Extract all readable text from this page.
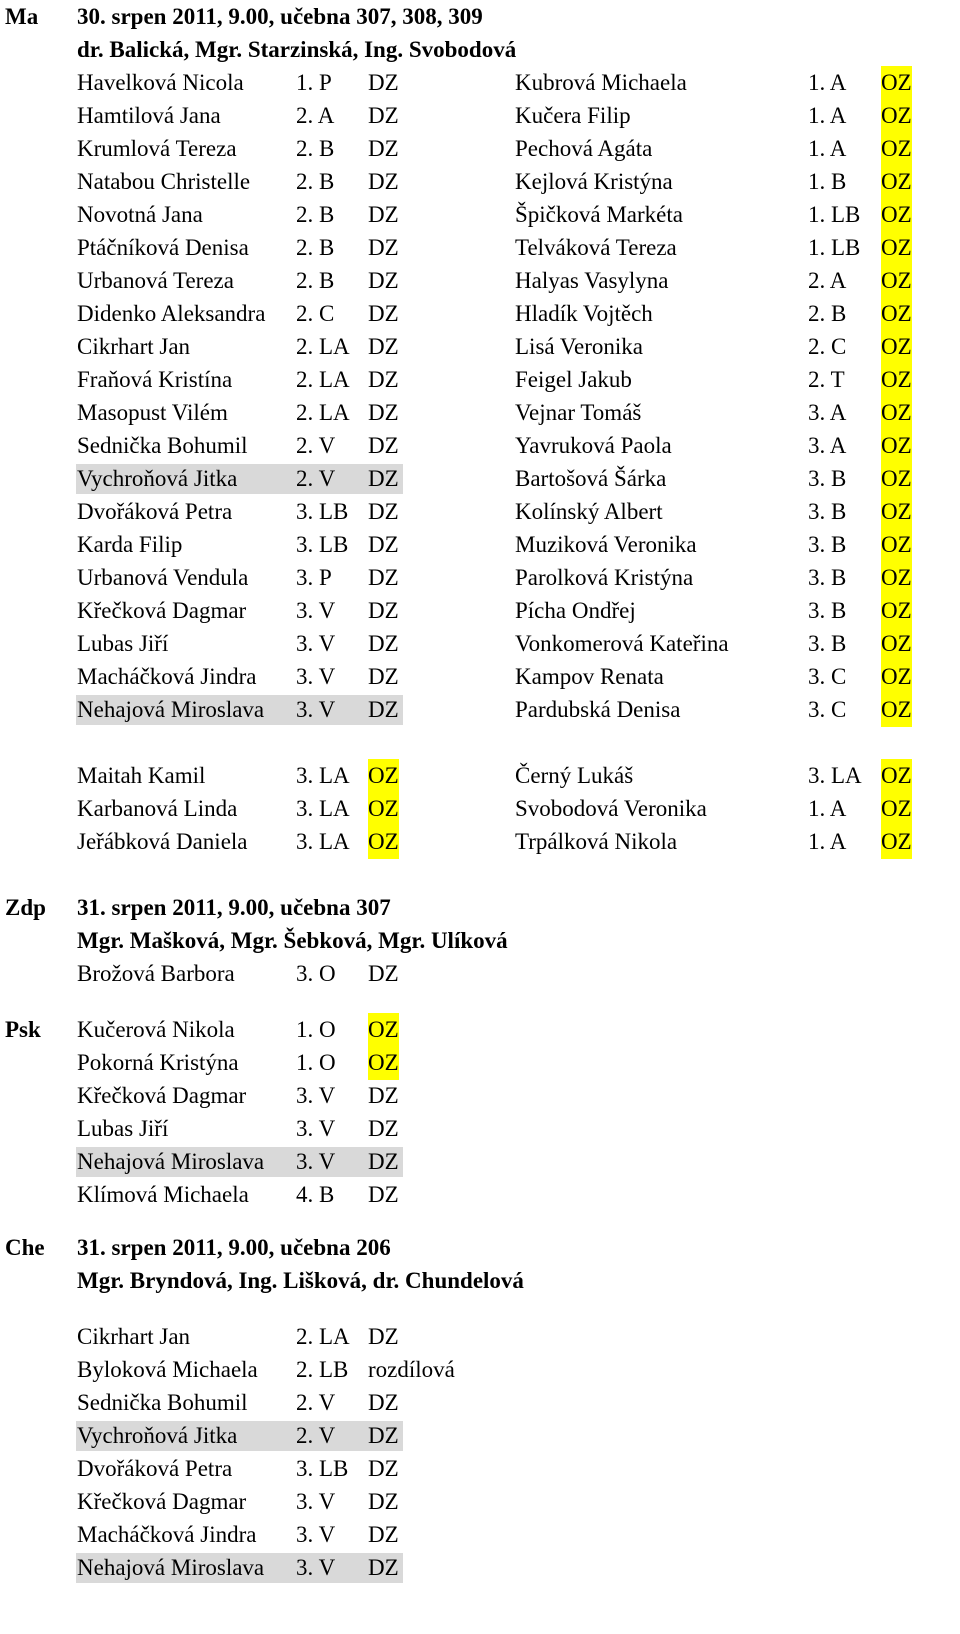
Ma 30. srpen 2011, 9.00, učebna 307, 308, 309
dr. Balická, Mgr. Starzinská, Ing. Svobodová
Havelková Nicola 1. P DZ	Kubrová Michaela	1. A OZ
Hamtilová Jana	2. A DZ	Kučera Filip	1. A OZ
Krumlová Tereza	2. B DZ	Pechová Agáta	1. A OZ
Natabou Christelle 2. B DZ	Kejlová Kristýna	1. B OZ
Novotná Jana	2. B DZ	Špičková Markéta	1. LB OZ
Ptáčníková Denisa 2. B DZ	Telváková Tereza	1. LB OZ
Urbanová Tereza	2. B DZ	Halyas Vasylyna	2. A OZ
Didenko Aleksandra 2. C DZ	Hladík Vojtěch	2. B OZ
Cikrhart Jan	2. LA DZ	Lisá Veronika	2. C OZ
Fraňová Kristína	2. LA DZ	Feigel Jakub	2. T OZ
Masopust Vilém	2. LA DZ	Vejnar Tomáš	3. A OZ
Sednička Bohumil 2. V DZ	Yavruková Paola	3. A OZ
Vychroňová Jitka	2. V DZ	Bartošová Šárka	3. B OZ
Dvořáková Petra	3. LB DZ	Kolínský Albert	3. B OZ
Karda Filip	3. LB DZ	Muziková Veronika	3. B OZ
Urbanová Vendula 3. P DZ	Parolková Kristýna	3. B OZ
Křečková Dagmar 3. V DZ	Pícha Ondřej	3. B OZ
Lubas Jiří	3. V DZ	Vonkomerová Kateřina	3. B OZ
Macháčková Jindra 3. V DZ	Kampov Renata	3. C OZ
Nehajová Miroslava 3. V DZ	Pardubská Denisa	3. C OZ
Maitah Kamil	3. LA OZ	Černý Lukáš	3. LA OZ
Karbanová Linda	3. LA OZ	Svobodová Veronika	1. A OZ
Jeřábková Daniela 3. LA OZ	Trpálková Nikola	1. A OZ
Zdp 31. srpen 2011, 9.00, učebna 307
Mgr. Mašková, Mgr. Šebková, Mgr. Ulíková
Brožová Barbora	3. O DZ
Psk Kučerová Nikola	1. O OZ
Pokorná Kristýna 1. O OZ
Křečková Dagmar 3. V DZ
Lubas Jiří	3. V DZ
Nehajová Miroslava 3. V DZ
Klímová Michaela 4. B DZ
Che 31. srpen 2011, 9.00, učebna 206
Mgr. Bryndová, Ing. Lišková, dr. Chundelová
Cikrhart Jan	2. LA DZ
Byloková Michaela 2. LB rozdílová
Sednička Bohumil 2. V DZ
Vychroňová Jitka	2. V DZ
Dvořáková Petra	3. LB DZ
Křečková Dagmar 3. V DZ
Macháčková Jindra 3. V DZ
Nehajová Miroslava 3. V DZ
